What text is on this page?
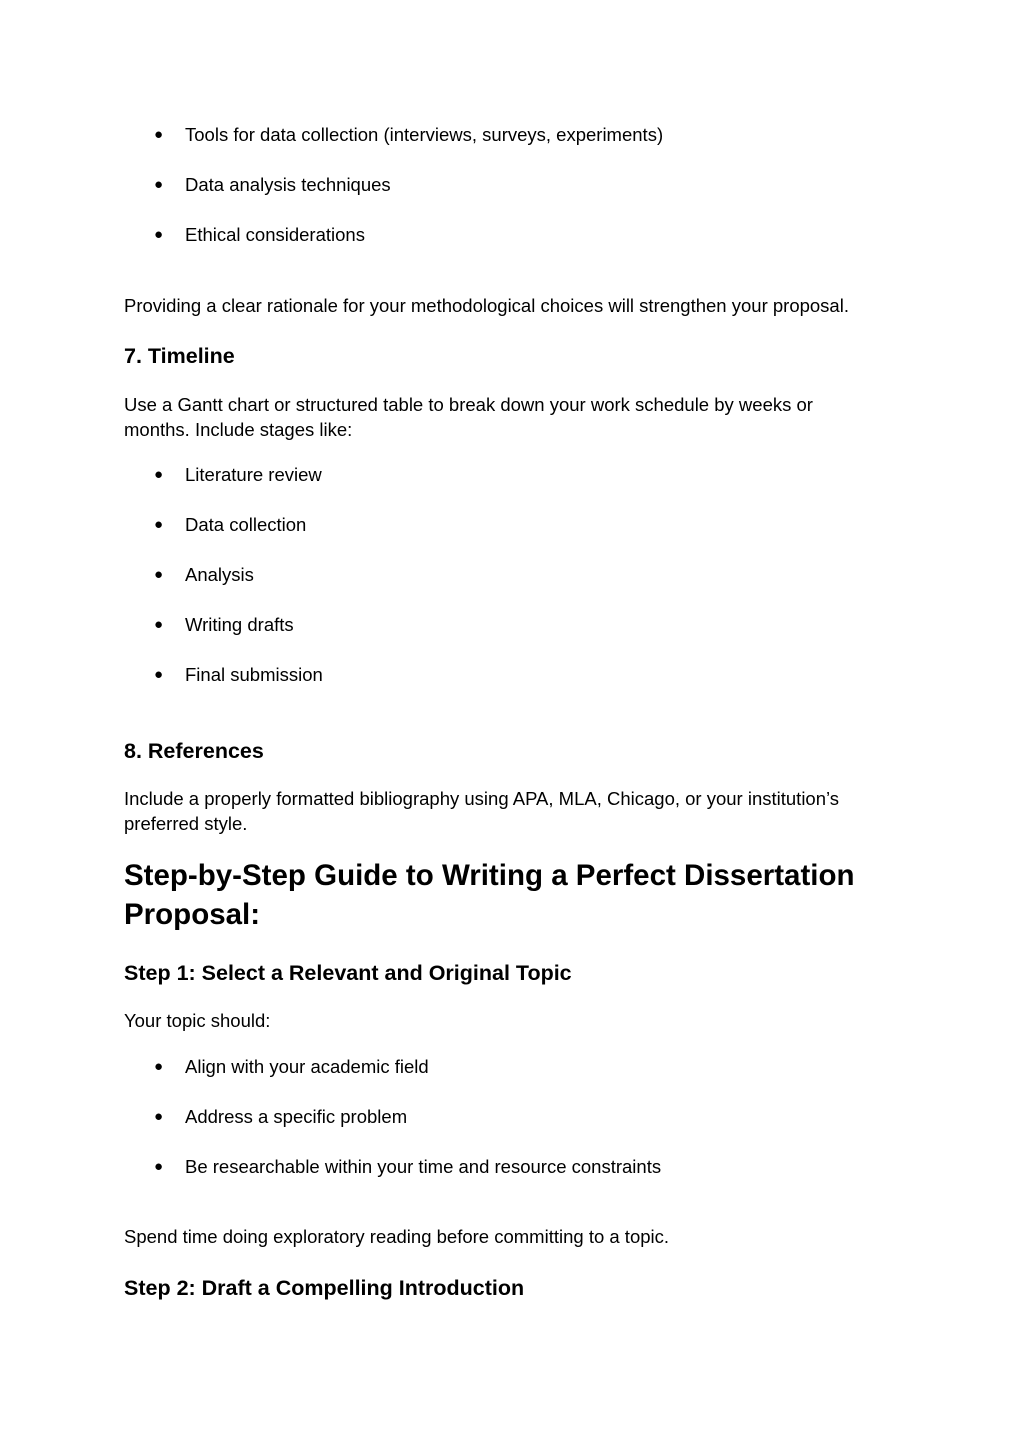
● Tools for data collection (interviews, surveys, experiments)
● Data analysis techniques
● Ethical considerations

Providing a clear rationale for your methodological choices will strengthen your proposal.

7. Timeline

Use a Gantt chart or structured table to break down your work schedule by weeks or

months. Include stages like:

● Literature review
● Data collection
● Analysis
● Writing drafts
● Final submission
8. References

Include a properly formatted bibliography using APA, MLA, Chicago, or your institution’s

preferred style.

Step-by-Step Guide to Writing a Perfect Dissertation
Proposal:
Step 1: Select a Relevant and Original Topic

Your topic should:

● Align with your academic field
● Address a specific problem
● Be researchable within your time and resource constraints

Spend time doing exploratory reading before committing to a topic.

Step 2: Draft a Compelling Introduction
